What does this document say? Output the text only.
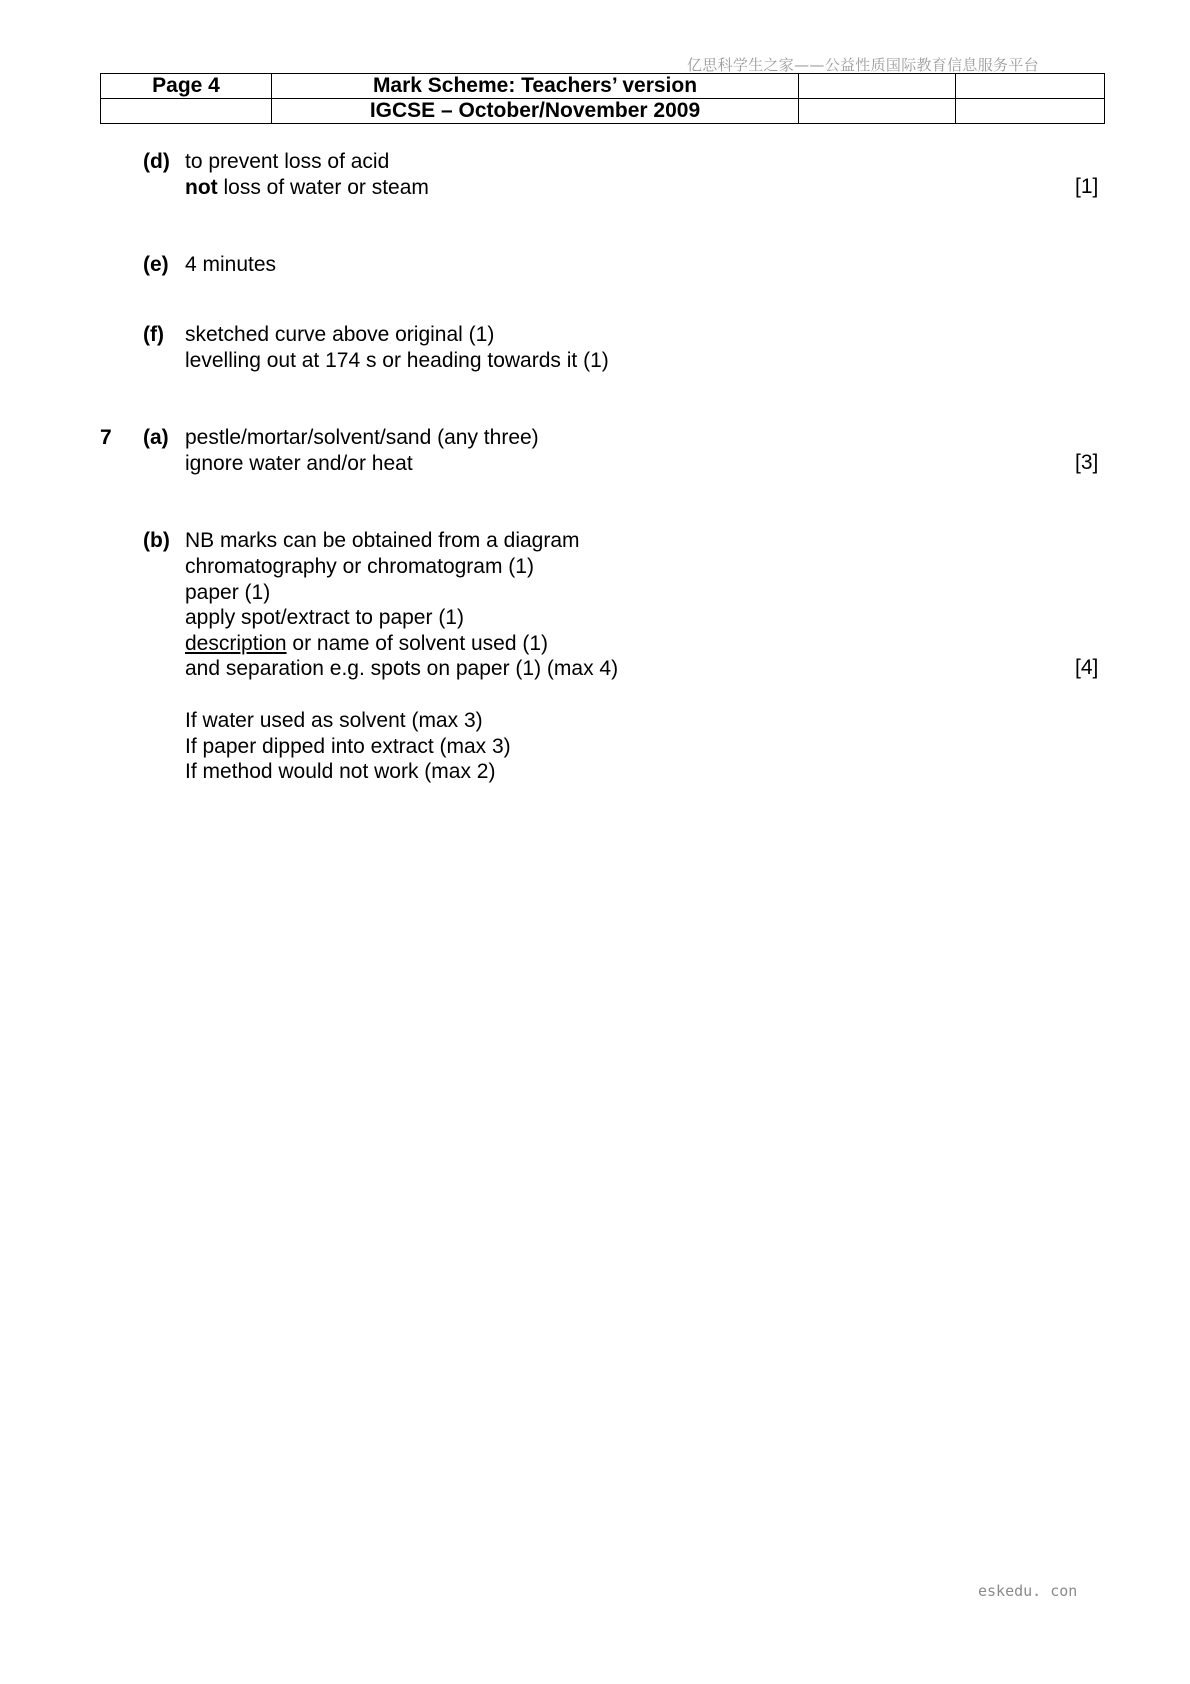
亿思科学生之家——公益性质国际教育信息服务平台
Page 4	Mark Scheme: Teachers’ version		
	IGCSE – October/November 2009		
(d) to prevent loss of acid
not loss of water or steam	[1]
(e) 4 minutes
(f) sketched curve above original (1)
levelling out at 174 s or heading towards it (1)
7 (a) pestle/mortar/solvent/sand (any three)
ignore water and/or heat	[3]
(b) NB marks can be obtained from a diagram
chromatography or chromatogram (1)
paper (1)
apply spot/extract to paper (1)
description or name of solvent used (1)
and separation e.g. spots on paper (1) (max 4)	[4]
If water used as solvent (max 3)
If paper dipped into extract (max 3)
If method would not work (max 2)
eskedu. con
